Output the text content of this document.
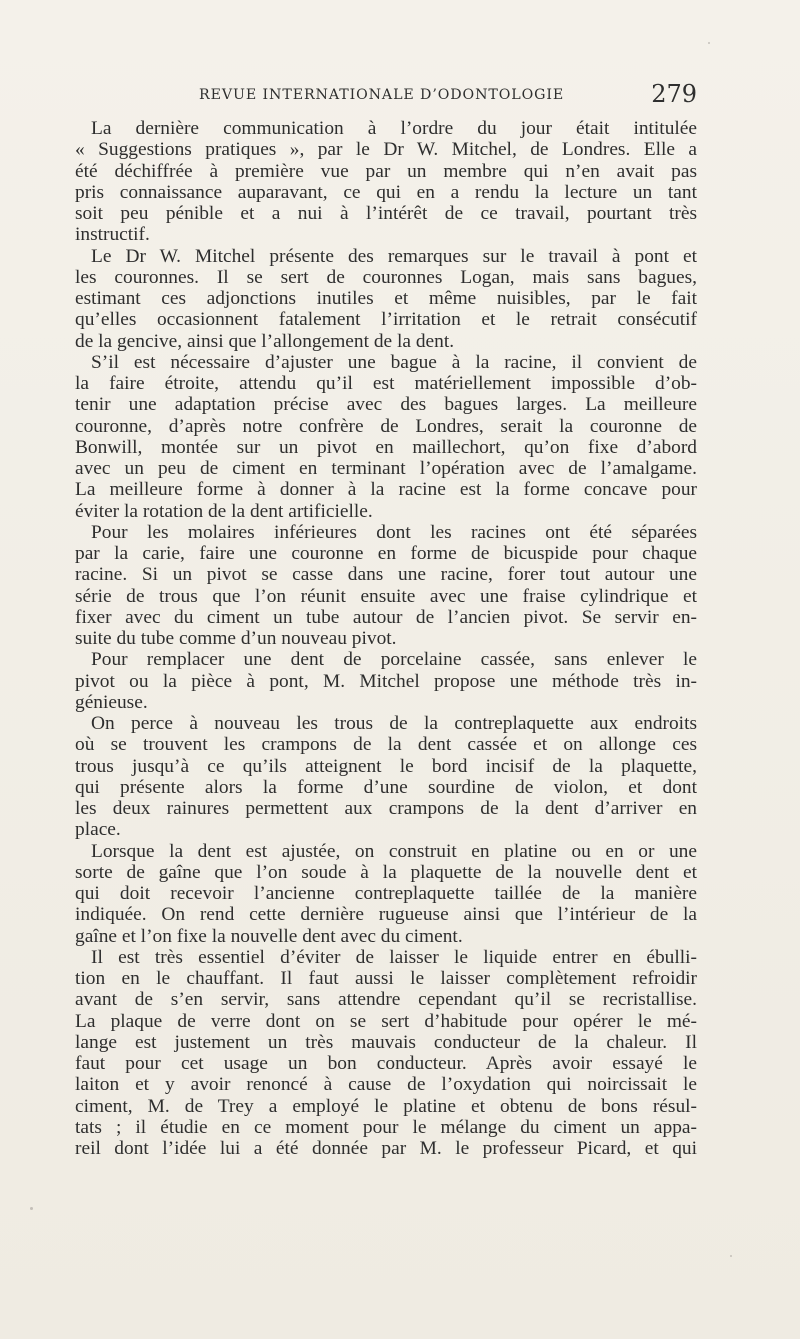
REVUE INTERNATIONALE D’ODONTOLOGIE	279

La dernière communication à l’ordre du jour était intitulée
« Suggestions pratiques », par le Dr W. Mitchel, de Londres. Elle a
été déchiffrée à première vue par un membre qui n’en avait pas
pris connaissance auparavant, ce qui en a rendu la lecture un tant
soit peu pénible et a nui à l’intérêt de ce travail, pourtant très
instructif.

Le Dr W. Mitchel présente des remarques sur le travail à pont et
les couronnes. Il se sert de couronnes Logan, mais sans bagues,
estimant ces adjonctions inutiles et même nuisibles, par le fait
qu’elles occasionnent fatalement l’irritation et le retrait consécutif
de la gencive, ainsi que l’allongement de la dent.

S’il est nécessaire d’ajuster une bague à la racine, il convient de
la faire étroite, attendu qu’il est matériellement impossible d’ob-
tenir une adaptation précise avec des bagues larges. La meilleure
couronne, d’après notre confrère de Londres, serait la couronne de
Bonwill, montée sur un pivot en maillechort, qu’on fixe d’abord
avec un peu de ciment en terminant l’opération avec de l’amalgame.
La meilleure forme à donner à la racine est la forme concave pour
éviter la rotation de la dent artificielle.

Pour les molaires inférieures dont les racines ont été séparées
par la carie, faire une couronne en forme de bicuspide pour chaque
racine. Si un pivot se casse dans une racine, forer tout autour une
série de trous que l’on réunit ensuite avec une fraise cylindrique et
fixer avec du ciment un tube autour de l’ancien pivot. Se servir en-
suite du tube comme d’un nouveau pivot.

Pour remplacer une dent de porcelaine cassée, sans enlever le
pivot ou la pièce à pont, M. Mitchel propose une méthode très in-
génieuse.

On perce à nouveau les trous de la contreplaquette aux endroits
où se trouvent les crampons de la dent cassée et on allonge ces
trous jusqu’à ce qu’ils atteignent le bord incisif de la plaquette,
qui présente alors la forme d’une sourdine de violon, et dont
les deux rainures permettent aux crampons de la dent d’arriver en
place.

Lorsque la dent est ajustée, on construit en platine ou en or une
sorte de gaîne que l’on soude à la plaquette de la nouvelle dent et
qui doit recevoir l’ancienne contreplaquette taillée de la manière
indiquée. On rend cette dernière rugueuse ainsi que l’intérieur de la
gaîne et l’on fixe la nouvelle dent avec du ciment.

Il est très essentiel d’éviter de laisser le liquide entrer en ébulli-
tion en le chauffant. Il faut aussi le laisser complètement refroidir
avant de s’en servir, sans attendre cependant qu’il se recristallise.
La plaque de verre dont on se sert d’habitude pour opérer le mé-
lange est justement un très mauvais conducteur de la chaleur. Il
faut pour cet usage un bon conducteur. Après avoir essayé le
laiton et y avoir renoncé à cause de l’oxydation qui noircissait le
ciment, M. de Trey a employé le platine et obtenu de bons résul-
tats ; il étudie en ce moment pour le mélange du ciment un appa-
reil dont l’idée lui a été donnée par M. le professeur Picard, et qui
